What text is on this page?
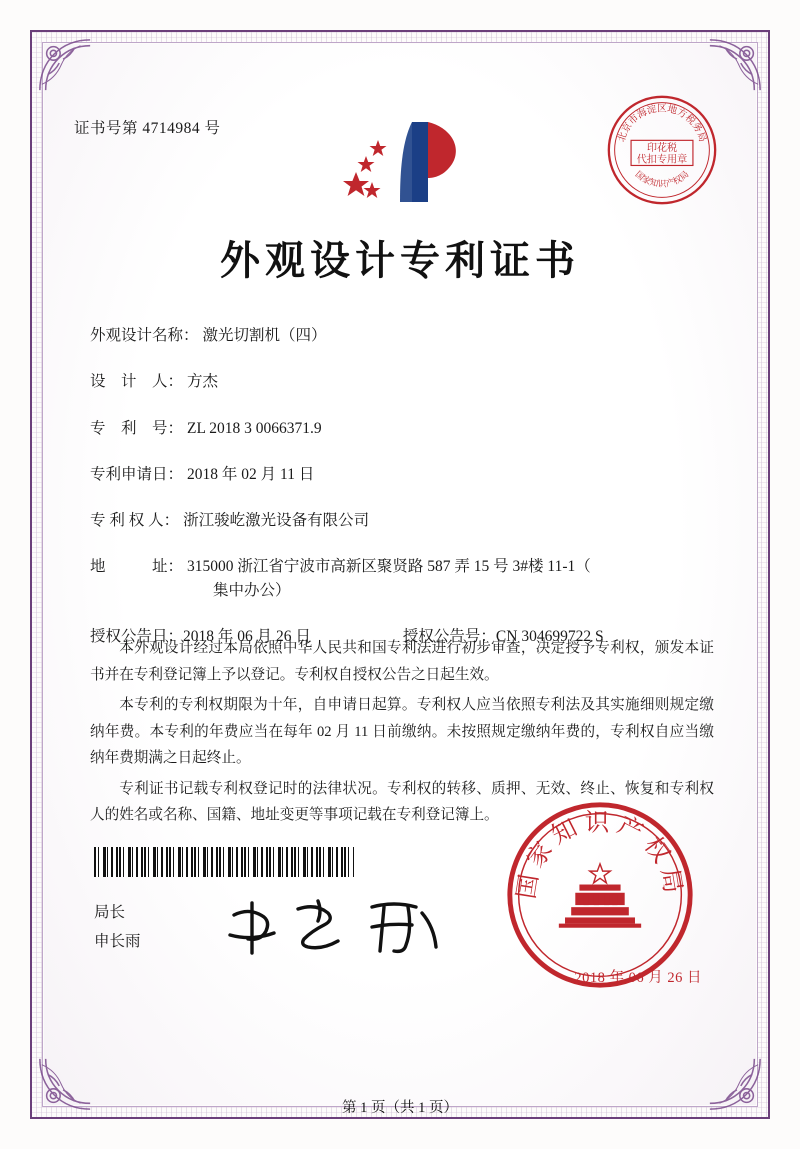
证书号第 4714984 号
北京市海淀区地方税务局
印花税
代扣专用章
国家知识产权局
外观设计专利证书
外观设计名称： 激光切割机（四）
设　计　人： 方杰
专　利　号： ZL 2018 3 0066371.9
专利申请日： 2018 年 02 月 11 日
专 利 权 人： 浙江骏屹激光设备有限公司
地　　　址： 315000 浙江省宁波市高新区聚贤路 587 弄 15 号 3#楼 11-1（
集中办公）
授权公告日： 2018 年 06 月 26 日	授权公告号： CN 304699722 S

本外观设计经过本局依照中华人民共和国专利法进行初步审查，决定授予专利权，颁发本证书并在专利登记簿上予以登记。专利权自授权公告之日起生效。

本专利的专利权期限为十年，自申请日起算。专利权人应当依照专利法及其实施细则规定缴纳年费。本专利的年费应当在每年 02 月 11 日前缴纳。未按照规定缴纳年费的，专利权自应当缴纳年费期满之日起终止。

专利证书记载专利权登记时的法律状况。专利权的转移、质押、无效、终止、恢复和专利权人的姓名或名称、国籍、地址变更等事项记载在专利登记簿上。

局长
申长雨
国家知识产权局
2018 年 06 月 26 日
第 1 页（共 1 页）
